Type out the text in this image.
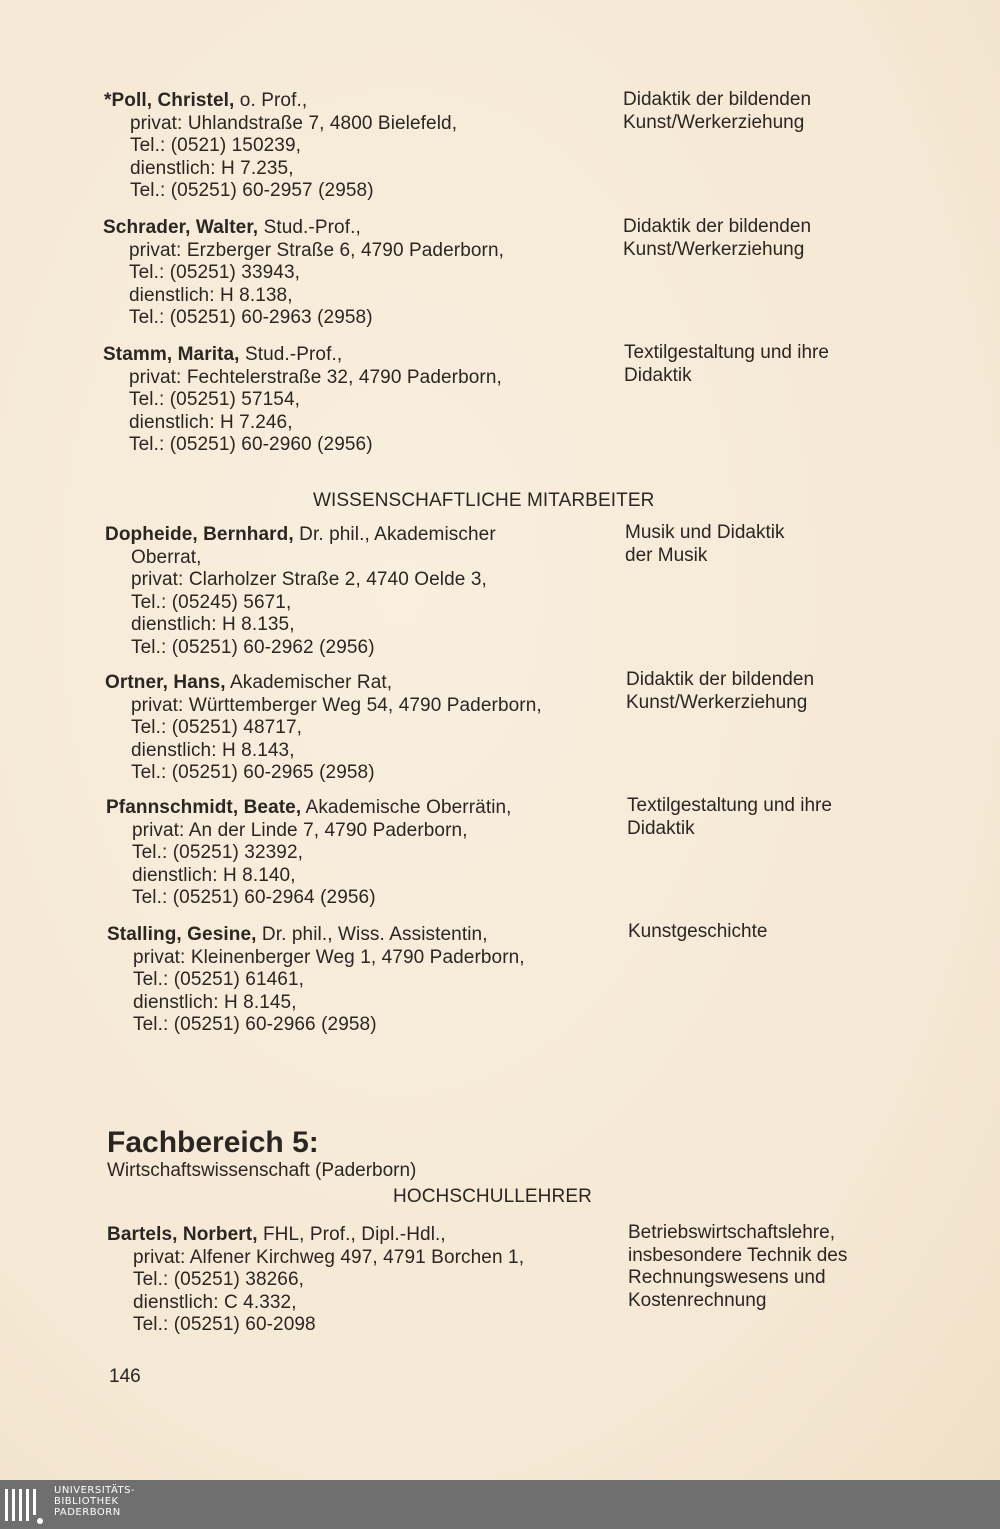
*Poll, Christel, o. Prof.,
privat: Uhlandstraße 7, 4800 Bielefeld,
Tel.: (0521) 150239,
dienstlich: H 7.235,
Tel.: (05251) 60-2957 (2958)
Didaktik der bildenden
Kunst/Werkerziehung
Schrader, Walter, Stud.-Prof.,
privat: Erzberger Straße 6, 4790 Paderborn,
Tel.: (05251) 33943,
dienstlich: H 8.138,
Tel.: (05251) 60-2963 (2958)
Didaktik der bildenden
Kunst/Werkerziehung
Stamm, Marita, Stud.-Prof.,
privat: Fechtelerstraße 32, 4790 Paderborn,
Tel.: (05251) 57154,
dienstlich: H 7.246,
Tel.: (05251) 60-2960 (2956)
Textilgestaltung und ihre
Didaktik
WISSENSCHAFTLICHE MITARBEITER
Dopheide, Bernhard, Dr. phil., Akademischer
Oberrat,
privat: Clarholzer Straße 2, 4740 Oelde 3,
Tel.: (05245) 5671,
dienstlich: H 8.135,
Tel.: (05251) 60-2962 (2956)
Musik und Didaktik
der Musik
Ortner, Hans, Akademischer Rat,
privat: Württemberger Weg 54, 4790 Paderborn,
Tel.: (05251) 48717,
dienstlich: H 8.143,
Tel.: (05251) 60-2965 (2958)
Didaktik der bildenden
Kunst/Werkerziehung
Pfannschmidt, Beate, Akademische Oberrätin,
privat: An der Linde 7, 4790 Paderborn,
Tel.: (05251) 32392,
dienstlich: H 8.140,
Tel.: (05251) 60-2964 (2956)
Textilgestaltung und ihre
Didaktik
Stalling, Gesine, Dr. phil., Wiss. Assistentin,
privat: Kleinenberger Weg 1, 4790 Paderborn,
Tel.: (05251) 61461,
dienstlich: H 8.145,
Tel.: (05251) 60-2966 (2958)
Kunstgeschichte
Fachbereich 5:
Wirtschaftswissenschaft (Paderborn)
HOCHSCHULLEHRER
Bartels, Norbert, FHL, Prof., Dipl.-Hdl.,
privat: Alfener Kirchweg 497, 4791 Borchen 1,
Tel.: (05251) 38266,
dienstlich: C 4.332,
Tel.: (05251) 60-2098
Betriebswirtschaftslehre,
insbesondere Technik des
Rechnungswesens und
Kostenrechnung
146
UNIVERSITÄTS-
BIBLIOTHEK
PADERBORN
